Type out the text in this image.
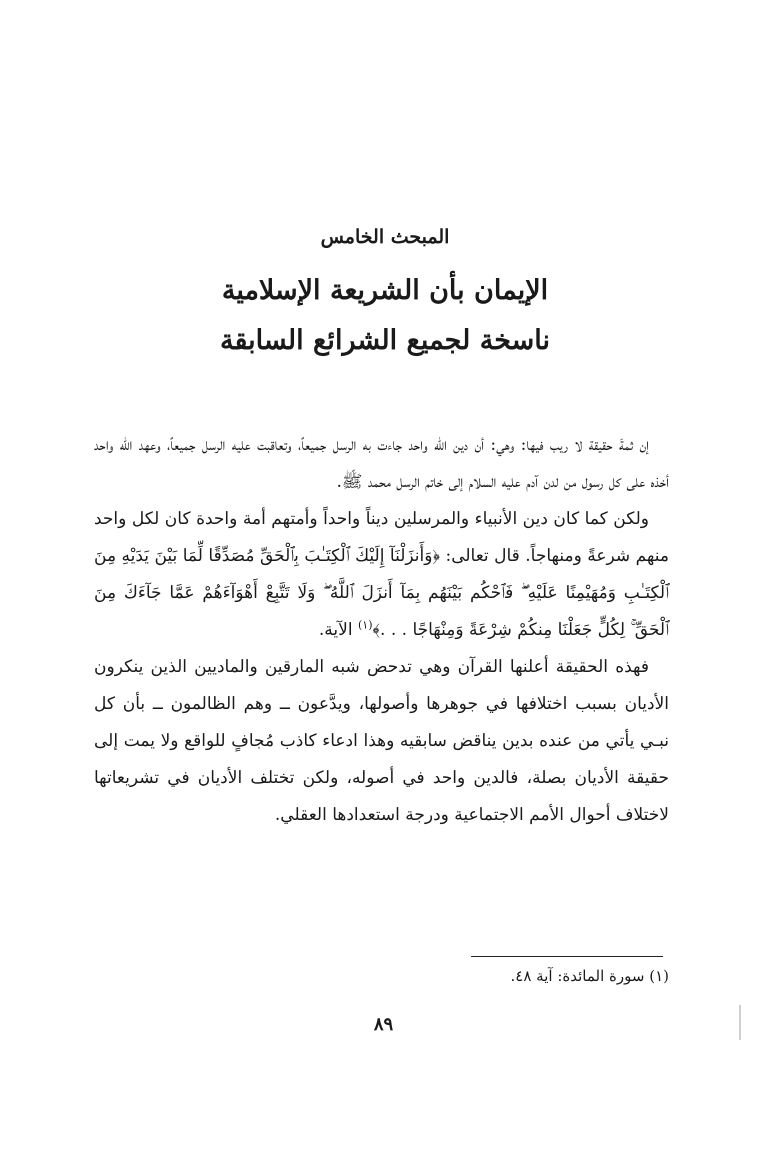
المبحث الخامس

الإيمان بأن الشريعة الإسلامية

ناسخة لجميع الشرائع السابقة

إن ثمةَ حقيقة لا ريب فيها: وهي: أن دين الله واحد جاءت به الرسل جميعاً، وتعاقبت عليه الرسل جميعاً، وعهد الله واحد أخذه على كل رسول من لدن آدم عليه السلام إلى خاتم الرسل محمد ﷺ.

ولكن كما كان دين الأنبياء والمرسلين ديناً واحداً وأمتهم أمة واحدة كان لكل واحد منهم شرعةً ومنهاجاً. قال تعالى: ﴿وَأَنزَلْنَآ إِلَيْكَ ٱلْكِتَـٰبَ بِٱلْحَقِّ مُصَدِّقًا لِّمَا بَيْنَ يَدَيْهِ مِنَ ٱلْكِتَـٰبِ وَمُهَيْمِنًا عَلَيْهِ ۖ فَٱحْكُم بَيْنَهُم بِمَآ أَنزَلَ ٱللَّهُ ۖ وَلَا تَتَّبِعْ أَهْوَآءَهُمْ عَمَّا جَآءَكَ مِنَ ٱلْحَقِّ ۚ لِكُلٍّ جَعَلْنَا مِنكُمْ شِرْعَةً وَمِنْهَاجًا . . .﴾$^{(١)}$ الآية.

فهذه الحقيقة أعلنها القرآن وهي تدحض شبه المارقين والماديين الذين ينكرون الأديان بسبب اختلافها في جوهرها وأصولها، ويدَّعون ــ وهم الظالمون ــ بأن كل نبـي يأتي من عنده بدين يناقض سابقيه وهذا ادعاء كاذب مُجافٍ للواقع ولا يمت إلى حقيقة الأديان بصلة، فالدين واحد في أصوله، ولكن تختلف الأديان في تشريعاتها لاختلاف أحوال الأمم الاجتماعية ودرجة استعدادها العقلي.

(١) سورة المائدة: آية ٤٨.
٨٩
